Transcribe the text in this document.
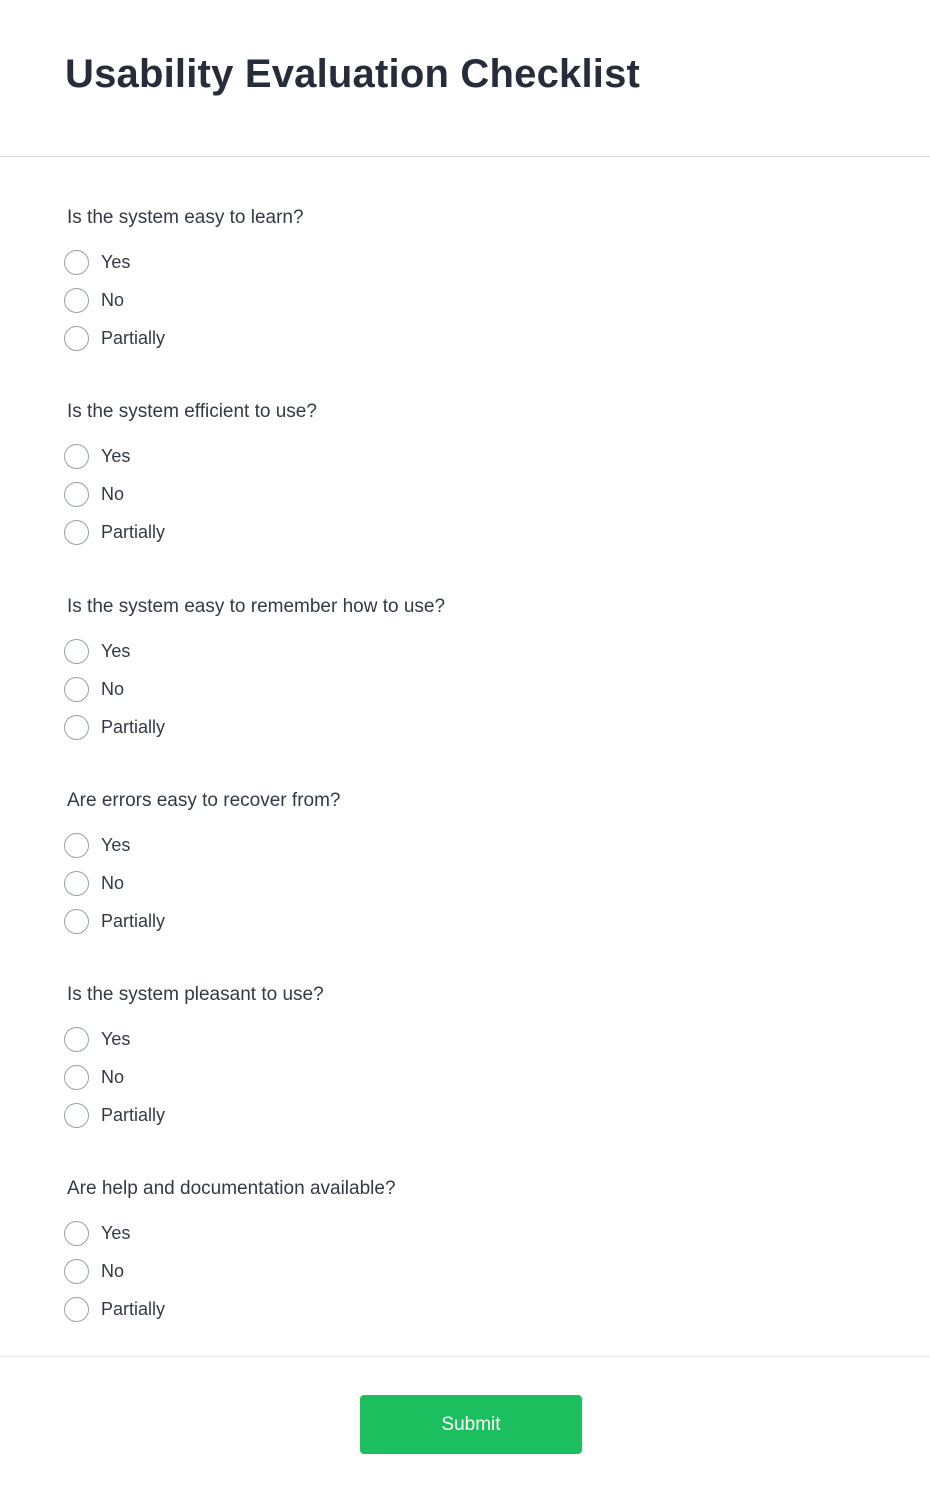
Usability Evaluation Checklist
Is the system easy to learn?
Yes
No
Partially
Is the system efficient to use?
Yes
No
Partially
Is the system easy to remember how to use?
Yes
No
Partially
Are errors easy to recover from?
Yes
No
Partially
Is the system pleasant to use?
Yes
No
Partially
Are help and documentation available?
Yes
No
Partially
Submit
